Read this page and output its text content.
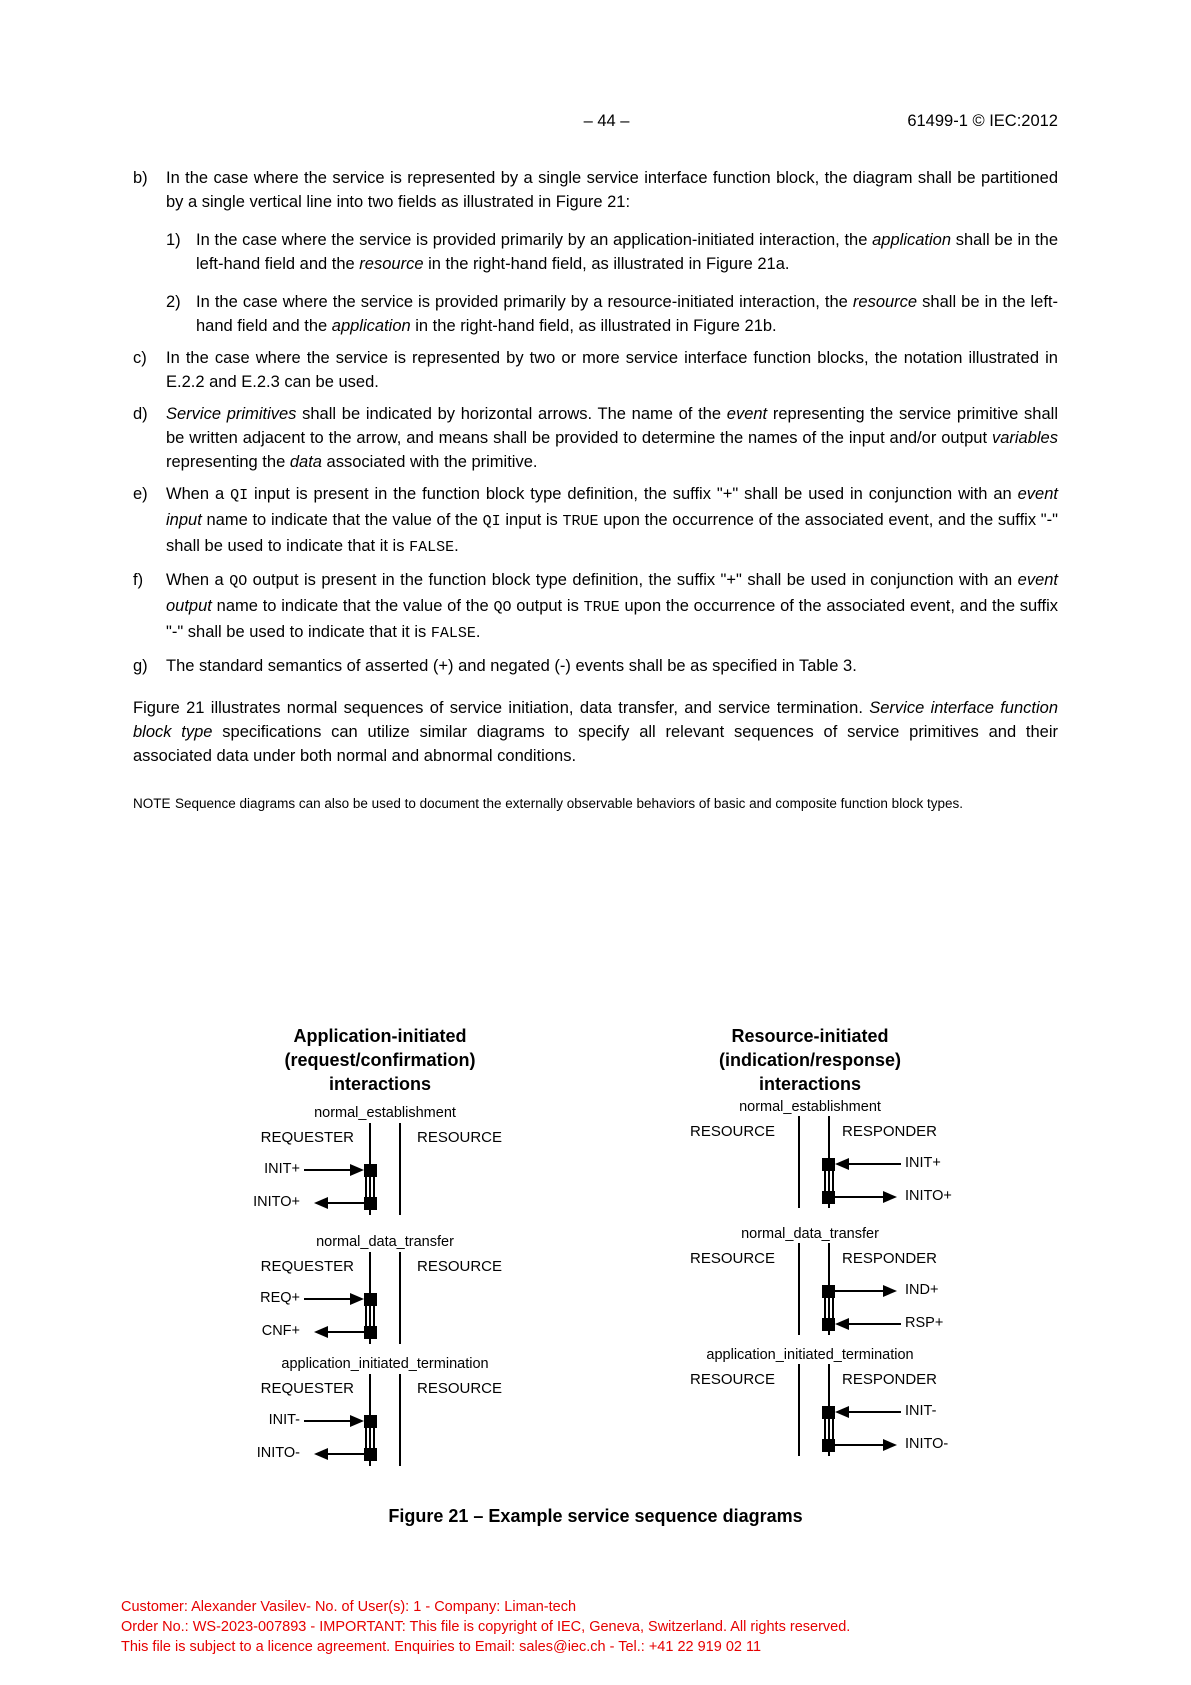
– 44 –	61499-1 © IEC:2012
b)	In the case where the service is represented by a single service interface function block, the diagram shall be partitioned by a single vertical line into two fields as illustrated in Figure 21:
1) In the case where the service is provided primarily by an application-initiated interaction, the application shall be in the left-hand field and the resource in the right-hand field, as illustrated in Figure 21a.
2) In the case where the service is provided primarily by a resource-initiated interaction, the resource shall be in the left-hand field and the application in the right-hand field, as illustrated in Figure 21b.
c)	In the case where the service is represented by two or more service interface function blocks, the notation illustrated in E.2.2 and E.2.3 can be used.
d)	Service primitives shall be indicated by horizontal arrows. The name of the event representing the service primitive shall be written adjacent to the arrow, and means shall be provided to determine the names of the input and/or output variables representing the data associated with the primitive.
e)	When a QI input is present in the function block type definition, the suffix "+" shall be used in conjunction with an event input name to indicate that the value of the QI input is TRUE upon the occurrence of the associated event, and the suffix "-" shall be used to indicate that it is FALSE.
f)	When a QO output is present in the function block type definition, the suffix "+" shall be used in conjunction with an event output name to indicate that the value of the QO output is TRUE upon the occurrence of the associated event, and the suffix "-" shall be used to indicate that it is FALSE.
g)	The standard semantics of asserted (+) and negated (-) events shall be as specified in Table 3.
Figure 21 illustrates normal sequences of service initiation, data transfer, and service termination. Service interface function block type specifications can utilize similar diagrams to specify all relevant sequences of service primitives and their associated data under both normal and abnormal conditions.
NOTE Sequence diagrams can also be used to document the externally observable behaviors of basic and composite function block types.
Application-initiated
(request/confirmation)
interactions
Resource-initiated
(indication/response)
interactions
normal_establishment
REQUESTER	RESOURCE
INIT+
INITO+
normal_data_transfer
REQUESTER	RESOURCE
REQ+
CNF+
application_initiated_termination
REQUESTER	RESOURCE
INIT-
INITO-
normal_establishment
RESOURCE	RESPONDER
INIT+
INITO+
normal_data_transfer
RESOURCE	RESPONDER
IND+
RSP+
application_initiated_termination
RESOURCE	RESPONDER
INIT-
INITO-
Figure 21 – Example service sequence diagrams
Customer: Alexander Vasilev- No. of User(s): 1 - Company: Liman-tech
Order No.: WS-2023-007893 - IMPORTANT: This file is copyright of IEC, Geneva, Switzerland. All rights reserved.
This file is subject to a licence agreement. Enquiries to Email: sales@iec.ch - Tel.: +41 22 919 02 11
